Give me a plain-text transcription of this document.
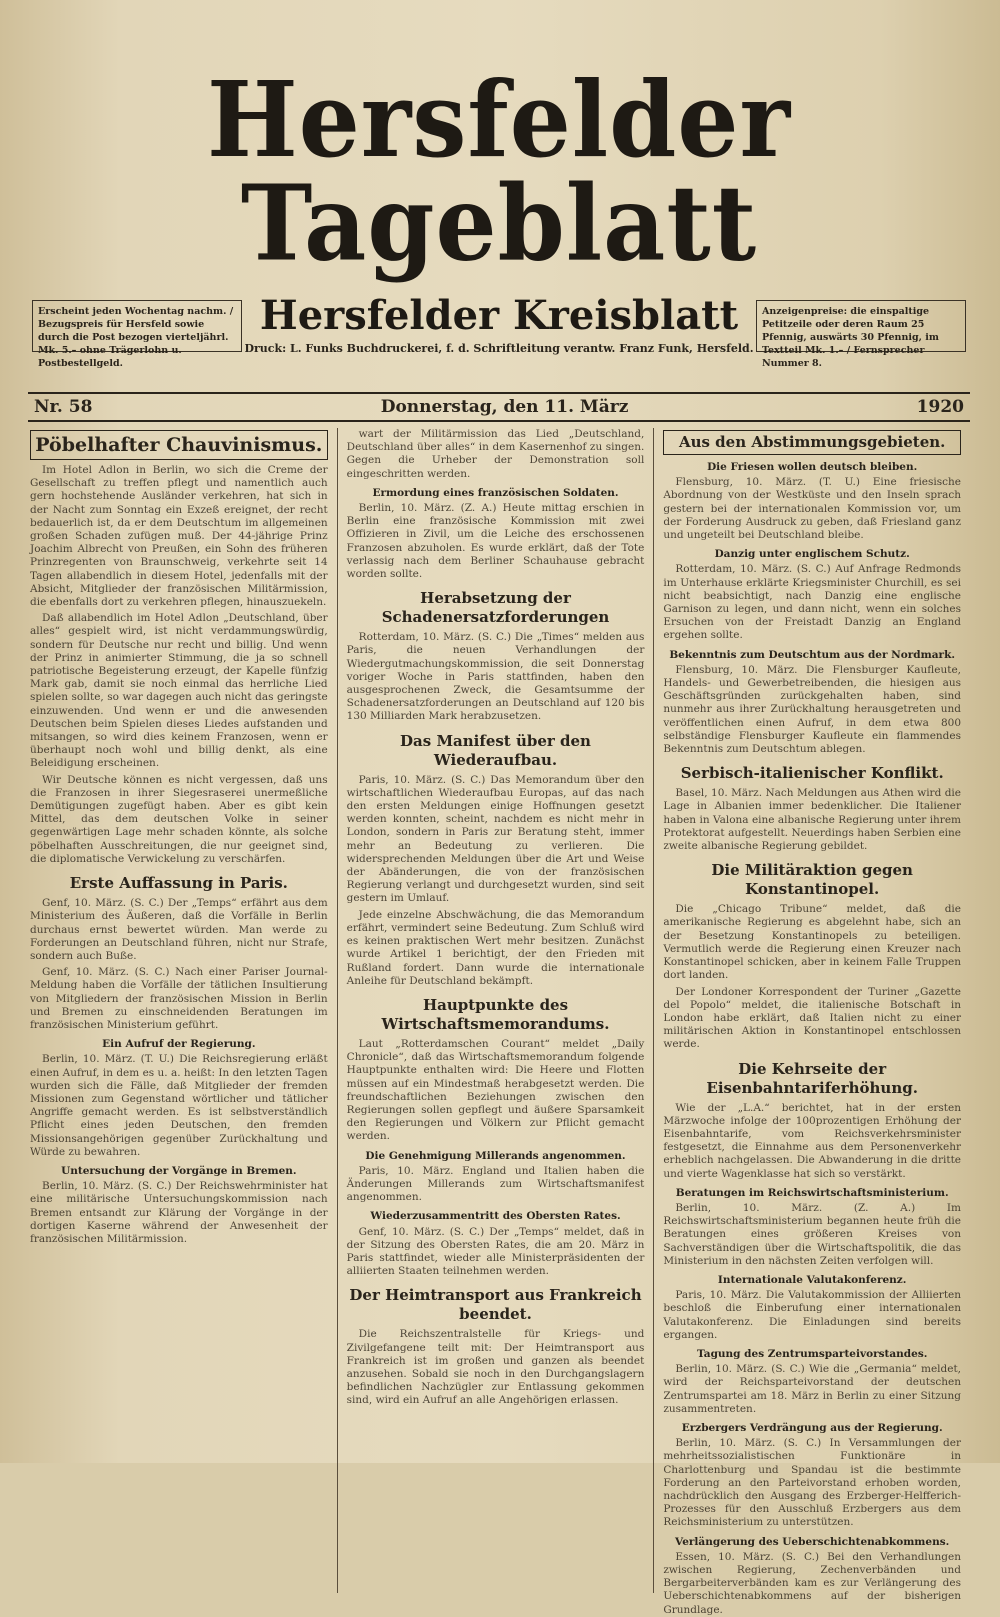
Hersfelder Tageblatt
Erscheint jeden Wochentag nachm. / Bezugspreis für Hersfeld sowie durch die Post bezogen vierteljährl. Mk. 5.– ohne Trägerlohn u. Postbestellgeld.
Hersfelder Kreisblatt
Druck: L. Funks Buchdruckerei, f. d. Schriftleitung verantw. Franz Funk, Hersfeld.
Anzeigenpreise: die einspaltige Petitzeile oder deren Raum 25 Pfennig, auswärts 30 Pfennig, im Textteil Mk. 1.– / Fernsprecher Nummer 8.
Nr. 58	Donnerstag, den 11. März	1920
Pöbelhafter Chauvinismus.

Im Hotel Adlon in Berlin, wo sich die Creme der Gesellschaft zu treffen pflegt und namentlich auch gern hochstehende Ausländer verkehren, hat sich in der Nacht zum Sonntag ein Exzeß ereignet, der recht bedauerlich ist, da er dem Deutschtum im allgemeinen großen Schaden zufügen muß. Der 44-jährige Prinz Joachim Albrecht von Preußen, ein Sohn des früheren Prinzregenten von Braunschweig, verkehrte seit 14 Tagen allabendlich in diesem Hotel, jedenfalls mit der Absicht, Mitglieder der französischen Militärmission, die ebenfalls dort zu verkehren pflegen, hinauszuekeln.

Daß allabendlich im Hotel Adlon „Deutschland, über alles“ gespielt wird, ist nicht verdammungswürdig, sondern für Deutsche nur recht und billig. Und wenn der Prinz in animierter Stimmung, die ja so schnell patriotische Begeisterung erzeugt, der Kapelle fünfzig Mark gab, damit sie noch einmal das herrliche Lied spielen sollte, so war dagegen auch nicht das geringste einzuwenden. Und wenn er und die anwesenden Deutschen beim Spielen dieses Liedes aufstanden und mitsangen, so wird dies keinem Franzosen, wenn er überhaupt noch wohl und billig denkt, als eine Beleidigung erscheinen.

Wir Deutsche können es nicht vergessen, daß uns die Franzosen in ihrer Siegesraserei unermeßliche Demütigungen zugefügt haben. Aber es gibt kein Mittel, das dem deutschen Volke in seiner gegenwärtigen Lage mehr schaden könnte, als solche pöbelhaften Ausschreitungen, die nur geeignet sind, die diplomatische Verwickelung zu verschärfen.

Erste Auffassung in Paris.

Genf, 10. März. (S. C.) Der „Temps“ erfährt aus dem Ministerium des Äußeren, daß die Vorfälle in Berlin durchaus ernst bewertet würden. Man werde zu Forderungen an Deutschland führen, nicht nur Strafe, sondern auch Buße.

Genf, 10. März. (S. C.) Nach einer Pariser Journal-Meldung haben die Vorfälle der tätlichen Insultierung von Mitgliedern der französischen Mission in Berlin und Bremen zu einschneidenden Beratungen im französischen Ministerium geführt.

Ein Aufruf der Regierung.

Berlin, 10. März. (T. U.) Die Reichsregierung erläßt einen Aufruf, in dem es u. a. heißt: In den letzten Tagen wurden sich die Fälle, daß Mitglieder der fremden Missionen zum Gegenstand wörtlicher und tätlicher Angriffe gemacht werden. Es ist selbstverständlich Pflicht eines jeden Deutschen, den fremden Missionsangehörigen gegenüber Zurückhaltung und Würde zu bewahren.

Untersuchung der Vorgänge in Bremen.

Berlin, 10. März. (S. C.) Der Reichswehrminister hat eine militärische Untersuchungskommission nach Bremen entsandt zur Klärung der Vorgänge in der dortigen Kaserne während der Anwesenheit der französischen Militärmission.

wart der Militärmission das Lied „Deutschland, Deutschland über alles“ in dem Kasernenhof zu singen. Gegen die Urheber der Demonstration soll eingeschritten werden.

Ermordung eines französischen Soldaten.

Berlin, 10. März. (Z. A.) Heute mittag erschien in Berlin eine französische Kommission mit zwei Offizieren in Zivil, um die Leiche des erschossenen Franzosen abzuholen. Es wurde erklärt, daß der Tote verlassig nach dem Berliner Schauhause gebracht worden sollte.

Herabsetzung der Schadenersatzforderungen

Rotterdam, 10. März. (S. C.) Die „Times“ melden aus Paris, die neuen Verhandlungen der Wiedergutmachungskommission, die seit Donnerstag voriger Woche in Paris stattfinden, haben den ausgesprochenen Zweck, die Gesamtsumme der Schadenersatzforderungen an Deutschland auf 120 bis 130 Milliarden Mark herabzusetzen.

Das Manifest über den Wiederaufbau.

Paris, 10. März. (S. C.) Das Memorandum über den wirtschaftlichen Wiederaufbau Europas, auf das nach den ersten Meldungen einige Hoffnungen gesetzt werden konnten, scheint, nachdem es nicht mehr in London, sondern in Paris zur Beratung steht, immer mehr an Bedeutung zu verlieren. Die widersprechenden Meldungen über die Art und Weise der Abänderungen, die von der französischen Regierung verlangt und durchgesetzt wurden, sind seit gestern im Umlauf.

Jede einzelne Abschwächung, die das Memorandum erfährt, vermindert seine Bedeutung. Zum Schluß wird es keinen praktischen Wert mehr besitzen. Zunächst wurde Artikel 1 berichtigt, der den Frieden mit Rußland fordert. Dann wurde die internationale Anleihe für Deutschland bekämpft.

Hauptpunkte des Wirtschaftsmemorandums.

Laut „Rotterdamschen Courant“ meldet „Daily Chronicle“, daß das Wirtschaftsmemorandum folgende Hauptpunkte enthalten wird: Die Heere und Flotten müssen auf ein Mindestmaß herabgesetzt werden. Die freundschaftlichen Beziehungen zwischen den Regierungen sollen gepflegt und äußere Sparsamkeit den Regierungen und Völkern zur Pflicht gemacht werden.

Die Genehmigung Millerands angenommen.

Paris, 10. März. England und Italien haben die Änderungen Millerands zum Wirtschaftsmanifest angenommen.

Wiederzusammentritt des Obersten Rates.

Genf, 10. März. (S. C.) Der „Temps“ meldet, daß in der Sitzung des Obersten Rates, die am 20. März in Paris stattfindet, wieder alle Ministerpräsidenten der alliierten Staaten teilnehmen werden.

Der Heimtransport aus Frankreich beendet.

Die Reichszentralstelle für Kriegs- und Zivilgefangene teilt mit: Der Heimtransport aus Frankreich ist im großen und ganzen als beendet anzusehen. Sobald sie noch in den Durchgangslagern befindlichen Nachzügler zur Entlassung gekommen sind, wird ein Aufruf an alle Angehörigen erlassen.

Aus den Abstimmungsgebieten.
Die Friesen wollen deutsch bleiben.

Flensburg, 10. März. (T. U.) Eine friesische Abordnung von der Westküste und den Inseln sprach gestern bei der internationalen Kommission vor, um der Forderung Ausdruck zu geben, daß Friesland ganz und ungeteilt bei Deutschland bleibe.

Danzig unter englischem Schutz.

Rotterdam, 10. März. (S. C.) Auf Anfrage Redmonds im Unterhause erklärte Kriegsminister Churchill, es sei nicht beabsichtigt, nach Danzig eine englische Garnison zu legen, und dann nicht, wenn ein solches Ersuchen von der Freistadt Danzig an England ergehen sollte.

Bekenntnis zum Deutschtum aus der Nordmark.

Flensburg, 10. März. Die Flensburger Kaufleute, Handels- und Gewerbetreibenden, die hiesigen aus Geschäftsgründen zurückgehalten haben, sind nunmehr aus ihrer Zurückhaltung herausgetreten und veröffentlichen einen Aufruf, in dem etwa 800 selbständige Flensburger Kaufleute ein flammendes Bekenntnis zum Deutschtum ablegen.

Serbisch-italienischer Konflikt.

Basel, 10. März. Nach Meldungen aus Athen wird die Lage in Albanien immer bedenklicher. Die Italiener haben in Valona eine albanische Regierung unter ihrem Protektorat aufgestellt. Neuerdings haben Serbien eine zweite albanische Regierung gebildet.

Die Militäraktion gegen Konstantinopel.

Die „Chicago Tribune“ meldet, daß die amerikanische Regierung es abgelehnt habe, sich an der Besetzung Konstantinopels zu beteiligen. Vermutlich werde die Regierung einen Kreuzer nach Konstantinopel schicken, aber in keinem Falle Truppen dort landen.

Der Londoner Korrespondent der Turiner „Gazette del Popolo“ meldet, die italienische Botschaft in London habe erklärt, daß Italien nicht zu einer militärischen Aktion in Konstantinopel entschlossen werde.

Die Kehrseite der Eisenbahntariferhöhung.

Wie der „L.A.“ berichtet, hat in der ersten Märzwoche infolge der 100prozentigen Erhöhung der Eisenbahntarife, vom Reichsverkehrsminister festgesetzt, die Einnahme aus dem Personenverkehr erheblich nachgelassen. Die Abwanderung in die dritte und vierte Wagenklasse hat sich so verstärkt.

Beratungen im Reichswirtschaftsministerium.

Berlin, 10. März. (Z. A.) Im Reichswirtschaftsministerium begannen heute früh die Beratungen eines größeren Kreises von Sachverständigen über die Wirtschaftspolitik, die das Ministerium in den nächsten Zeiten verfolgen will.

Internationale Valutakonferenz.

Paris, 10. März. Die Valutakommission der Alliierten beschloß die Einberufung einer internationalen Valutakonferenz. Die Einladungen sind bereits ergangen.

Tagung des Zentrumsparteivorstandes.

Berlin, 10. März. (S. C.) Wie die „Germania“ meldet, wird der Reichsparteivorstand der deutschen Zentrumspartei am 18. März in Berlin zu einer Sitzung zusammentreten.

Erzbergers Verdrängung aus der Regierung.

Berlin, 10. März. (S. C.) In Versammlungen der mehrheitssozialistischen Funktionäre in Charlottenburg und Spandau ist die bestimmte Forderung an den Parteivorstand erhoben worden, nachdrücklich den Ausgang des Erzberger-Helfferich-Prozesses für den Ausschluß Erzbergers aus dem Reichsministerium zu unterstützen.

Verlängerung des Ueberschichtenabkommens.

Essen, 10. März. (S. C.) Bei den Verhandlungen zwischen Regierung, Zechenverbänden und Bergarbeiterverbänden kam es zur Verlängerung des Ueberschichtenabkommens auf der bisherigen Grundlage.
